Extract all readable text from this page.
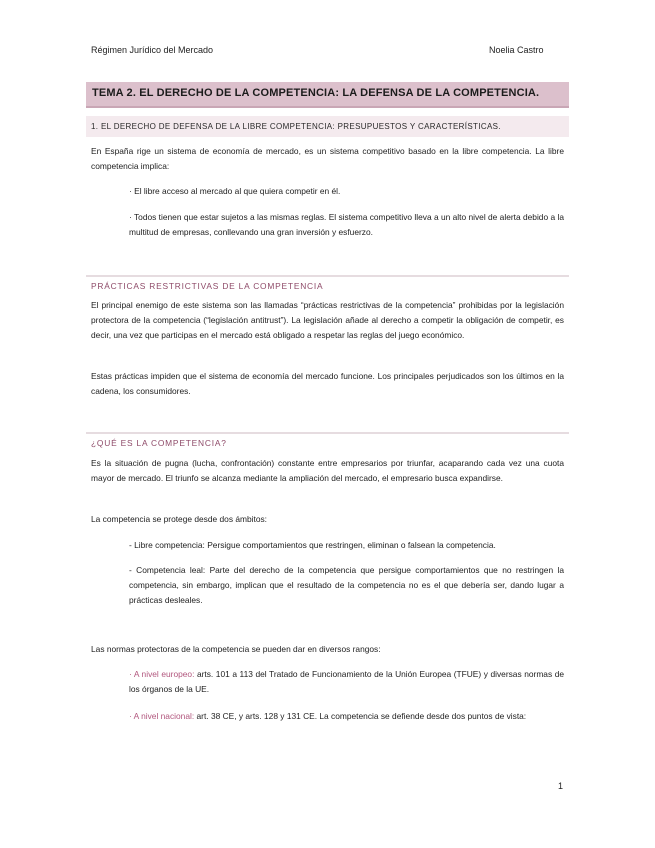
Régimen Jurídico del Mercado	Noelia Castro
TEMA 2. EL DERECHO DE LA COMPETENCIA: LA DEFENSA DE LA COMPETENCIA.
1. EL DERECHO DE DEFENSA DE LA LIBRE COMPETENCIA: PRESUPUESTOS Y CARACTERÍSTICAS.
En España rige un sistema de economía de mercado, es un sistema competitivo basado en la libre competencia. La libre competencia implica:
· El libre acceso al mercado al que quiera competir en él.
· Todos tienen que estar sujetos a las mismas reglas. El sistema competitivo lleva a un alto nivel de alerta debido a la multitud de empresas, conllevando una gran inversión y esfuerzo.
PRÁCTICAS RESTRICTIVAS DE LA COMPETENCIA
El principal enemigo de este sistema son las llamadas “prácticas restrictivas de la competencia” prohibidas por la legislación protectora de la competencia (“legislación antitrust”). La legislación añade al derecho a competir la obligación de competir, es decir, una vez que participas en el mercado está obligado a respetar las reglas del juego económico.
Estas prácticas impiden que el sistema de economía del mercado funcione. Los principales perjudicados son los últimos en la cadena, los consumidores.
¿QUÉ ES LA COMPETENCIA?
Es la situación de pugna (lucha, confrontación) constante entre empresarios por triunfar, acaparando cada vez una cuota mayor de mercado. El triunfo se alcanza mediante la ampliación del mercado, el empresario busca expandirse.
La competencia se protege desde dos ámbitos:
- Libre competencia: Persigue comportamientos que restringen, eliminan o falsean la competencia.
- Competencia leal: Parte del derecho de la competencia que persigue comportamientos que no restringen la competencia, sin embargo, implican que el resultado de la competencia no es el que debería ser, dando lugar a prácticas desleales.
Las normas protectoras de la competencia se pueden dar en diversos rangos:
· A nivel europeo: arts. 101 a 113 del Tratado de Funcionamiento de la Unión Europea (TFUE) y diversas normas de los órganos de la UE.
· A nivel nacional: art. 38 CE, y arts. 128 y 131 CE. La competencia se defiende desde dos puntos de vista:
1
